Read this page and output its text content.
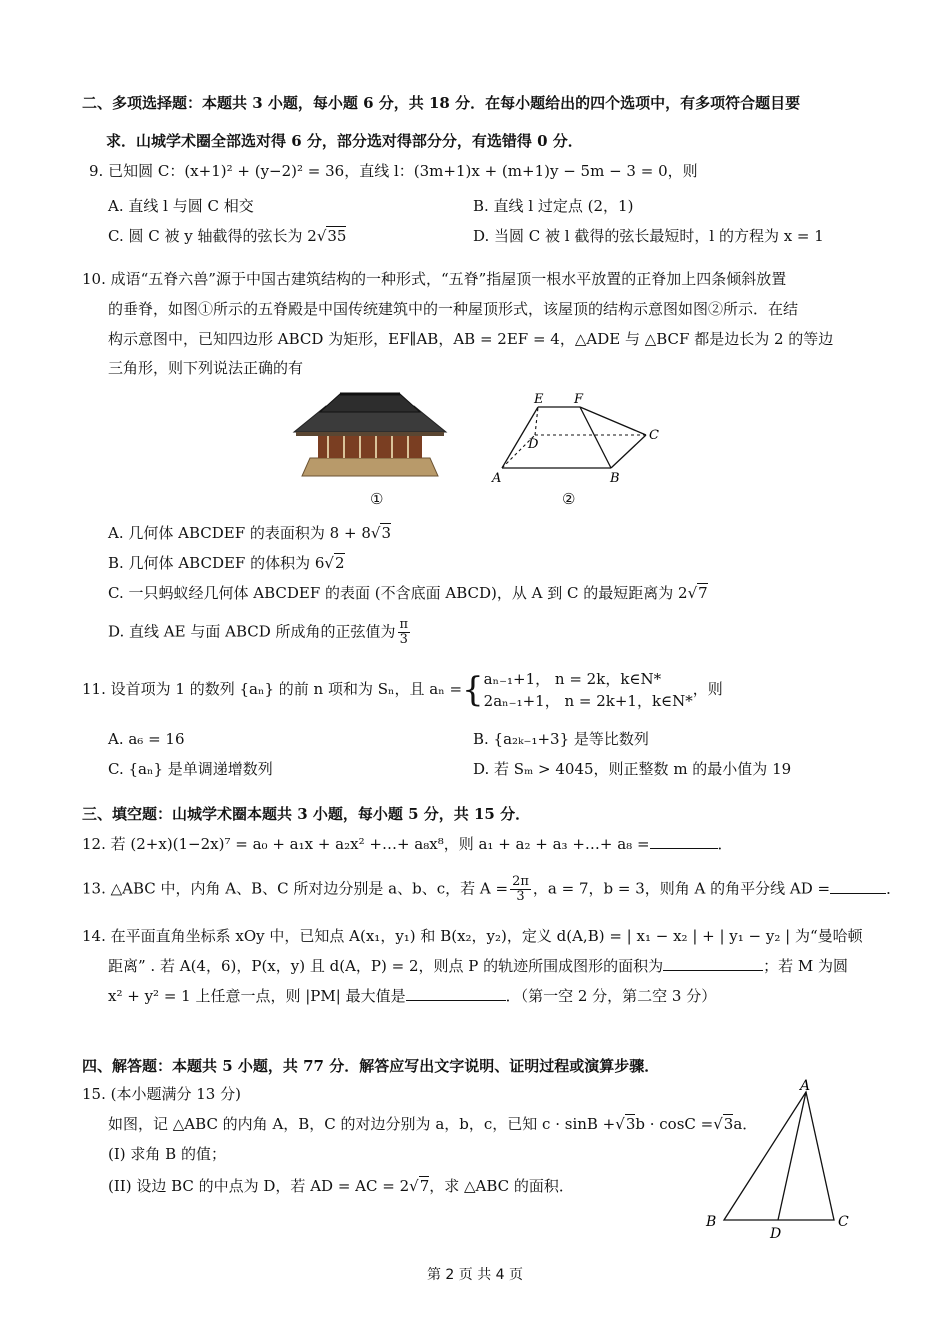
二、多项选择题：本题共 3 小题，每小题 6 分，共 18 分．在每小题给出的四个选项中，有多项符合题目要
求．山城学术圈全部选对得 6 分，部分选对得部分分，有选错得 0 分．
9. 已知圆 C：(x+1)² + (y−2)² = 36，直线 l：(3m+1)x + (m+1)y − 5m − 3 = 0，则
A. 直线 l 与圆 C 相交	B. 直线 l 过定点 (2，1)
C. 圆 C 被 y 轴截得的弦长为 2√35	D. 当圆 C 被 l 截得的弦长最短时，l 的方程为 x = 1
10. 成语“五脊六兽”源于中国古建筑结构的一种形式，“五脊”指屋顶一根水平放置的正脊加上四条倾斜放置
的垂脊，如图①所示的五脊殿是中国传统建筑中的一种屋顶形式，该屋顶的结构示意图如图②所示．在结
构示意图中，已知四边形 ABCD 为矩形，EF∥AB，AB = 2EF = 4，△ADE 与 △BCF 都是边长为 2 的等边
三角形，则下列说法正确的有
①
E F
D
C
A	B
②
A. 几何体 ABCDEF 的表面积为 8 + 8√3
B. 几何体 ABCDEF 的体积为 6√2
C. 一只蚂蚁经几何体 ABCDEF 的表面 (不含底面 ABCD)，从 A 到 C 的最短距离为 2√7
D. 直线 AE 与面 ABCD 所成角的正弦值为 $\frac{\pi}{3}$
11. 设首项为 1 的数列 {aₙ} 的前 n 项和为 Sₙ，且 aₙ ={ aₙ₋₁+1， n = 2k，k∈N*
2aₙ₋₁+1， n = 2k+1，k∈N*
，则
A. a₆ = 16	B. {a₂ₖ₋₁+3} 是等比数列
C. {aₙ} 是单调递增数列	D. 若 Sₘ > 4045，则正整数 m 的最小值为 19
三、填空题：山城学术圈本题共 3 小题，每小题 5 分，共 15 分．
12. 若 (2+x)(1−2x)⁷ = a₀ + a₁x + a₂x² +…+ a₈x⁸，则 a₁ + a₂ + a₃ +…+ a₈ =	．
13. △ABC 中，内角 A、B、C 所对边分别是 a、b、c，若 $A = \frac{2\pi}{3}$ ，a = 7，b = 3，则角 A 的角平分线 AD =	．
14. 在平面直角坐标系 xOy 中，已知点 A(x₁，y₁) 和 B(x₂，y₂)，定义 d(A,B) = | x₁ − x₂ | + | y₁ − y₂ | 为“曼哈顿
距离” . 若 A(4，6)，P(x，y) 且 d(A，P) = 2，则点 P 的轨迹所围成图形的面积为	；若 M 为圆
x² + y² = 1 上任意一点，则 |PM| 最大值是	．（第一空 2 分，第二空 3 分）
四、解答题：本题共 5 小题，共 77 分．解答应写出文字说明、证明过程或演算步骤．
15. (本小题满分 13 分)
如图，记 △ABC 的内角 A，B，C 的对边分别为 a，b，c，已知 c · sinB +√3b · cosC =√3a．
(I) 求角 B 的值；
(II) 设边 BC 的中点为 D，若 AD = AC = 2√7，求 △ABC 的面积．
A
B	C
D
第 2 页 共 4 页
